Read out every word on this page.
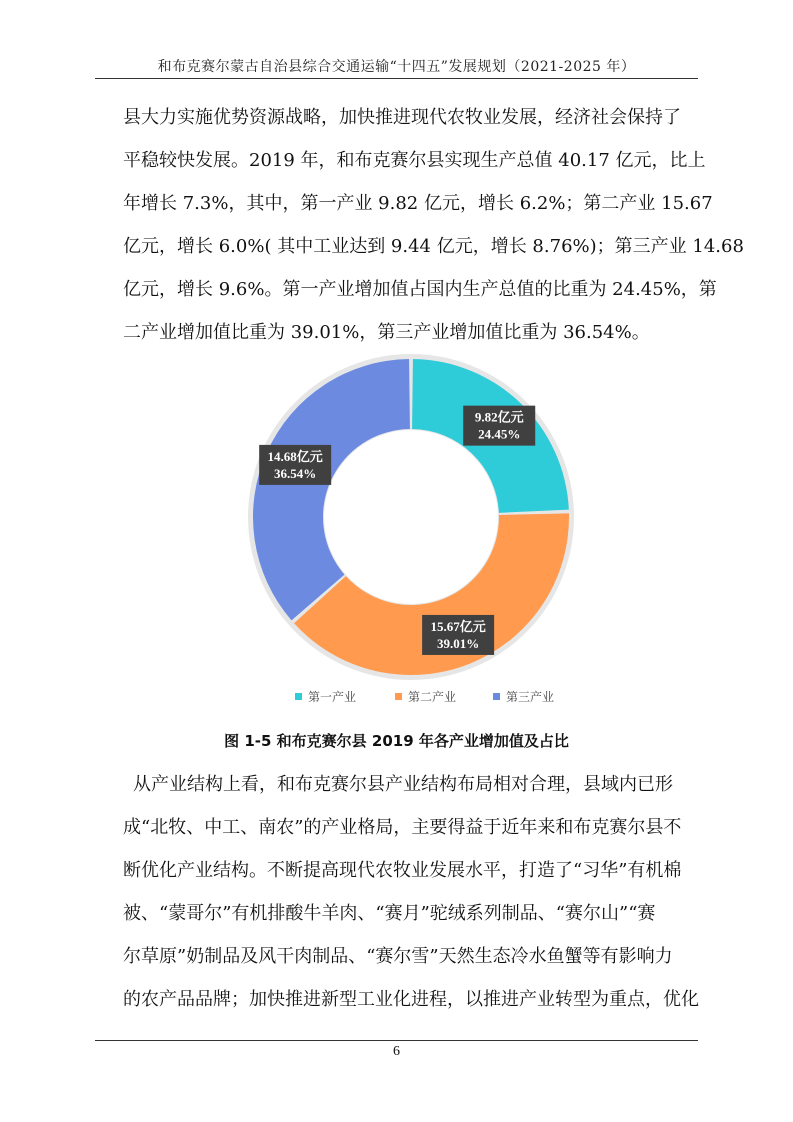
和布克赛尔蒙古自治县综合交通运输“十四五”发展规划（2021-2025 年）
县大力实施优势资源战略，加快推进现代农牧业发展，经济社会保持了
平稳较快发展。2019 年，和布克赛尔县实现生产总值 40.17 亿元，比上
年增长 7.3%，其中，第一产业 9.82 亿元，增长 6.2%；第二产业 15.67
亿元，增长 6.0%( 其中工业达到 9.44 亿元，增长 8.76%)；第三产业 14.68
亿元，增长 9.6%。第一产业增加值占国内生产总值的比重为 24.45%，第
二产业增加值比重为 39.01%，第三产业增加值比重为 36.54%。
9.82亿元
24.45%
15.67亿元
39.01%
14.68亿元
36.54%
第一产业	第二产业	第三产业
图 1-5 和布克赛尔县 2019 年各产业增加值及占比
从产业结构上看，和布克赛尔县产业结构布局相对合理，县域内已形
成“北牧、中工、南农”的产业格局，主要得益于近年来和布克赛尔县不
断优化产业结构。不断提高现代农牧业发展水平，打造了“习华”有机棉
被、“蒙哥尔”有机排酸牛羊肉、“赛月”驼绒系列制品、“赛尔山”“赛
尔草原”奶制品及风干肉制品、“赛尔雪”天然生态冷水鱼蟹等有影响力
的农产品品牌；加快推进新型工业化进程，以推进产业转型为重点，优化
6
